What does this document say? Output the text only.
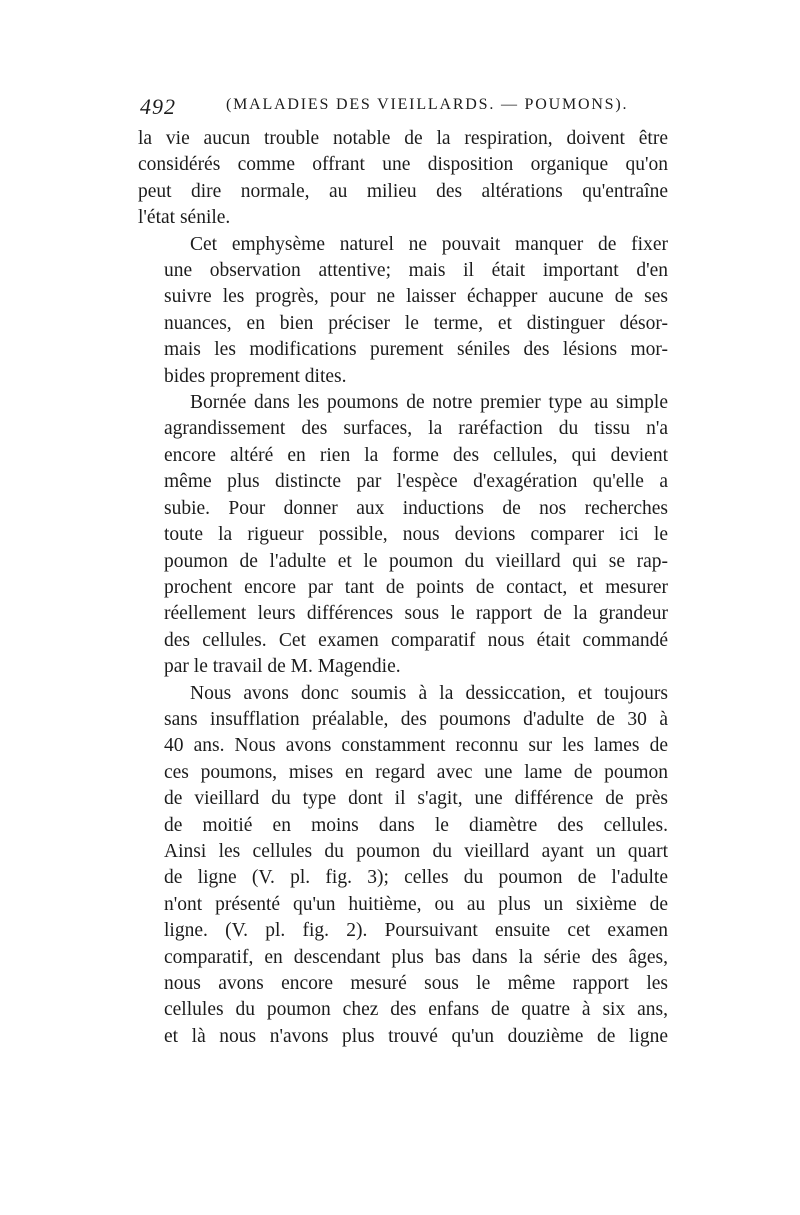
492	(MALADIES DES VIEILLARDS. — POUMONS).

la vie aucun trouble notable de la respiration, doivent être
considérés comme offrant une disposition organique qu'on
peut dire normale, au milieu des altérations qu'entraîne
l'état sénile.

Cet emphysème naturel ne pouvait manquer de fixer
une observation attentive; mais il était important d'en
suivre les progrès, pour ne laisser échapper aucune de ses
nuances, en bien préciser le terme, et distinguer désor-
mais les modifications purement séniles des lésions mor-
bides proprement dites.

Bornée dans les poumons de notre premier type au simple
agrandissement des surfaces, la raréfaction du tissu n'a
encore altéré en rien la forme des cellules, qui devient
même plus distincte par l'espèce d'exagération qu'elle a
subie. Pour donner aux inductions de nos recherches
toute la rigueur possible, nous devions comparer ici le
poumon de l'adulte et le poumon du vieillard qui se rap-
prochent encore par tant de points de contact, et mesurer
réellement leurs différences sous le rapport de la grandeur
des cellules. Cet examen comparatif nous était commandé
par le travail de M. Magendie.

Nous avons donc soumis à la dessiccation, et toujours
sans insufflation préalable, des poumons d'adulte de 30 à
40 ans. Nous avons constamment reconnu sur les lames de
ces poumons, mises en regard avec une lame de poumon
de vieillard du type dont il s'agit, une différence de près
de moitié en moins dans le diamètre des cellules.
Ainsi les cellules du poumon du vieillard ayant un quart
de ligne (V. pl. fig. 3); celles du poumon de l'adulte
n'ont présenté qu'un huitième, ou au plus un sixième de
ligne. (V. pl. fig. 2). Poursuivant ensuite cet examen
comparatif, en descendant plus bas dans la série des âges,
nous avons encore mesuré sous le même rapport les
cellules du poumon chez des enfans de quatre à six ans,
et là nous n'avons plus trouvé qu'un douzième de ligne
